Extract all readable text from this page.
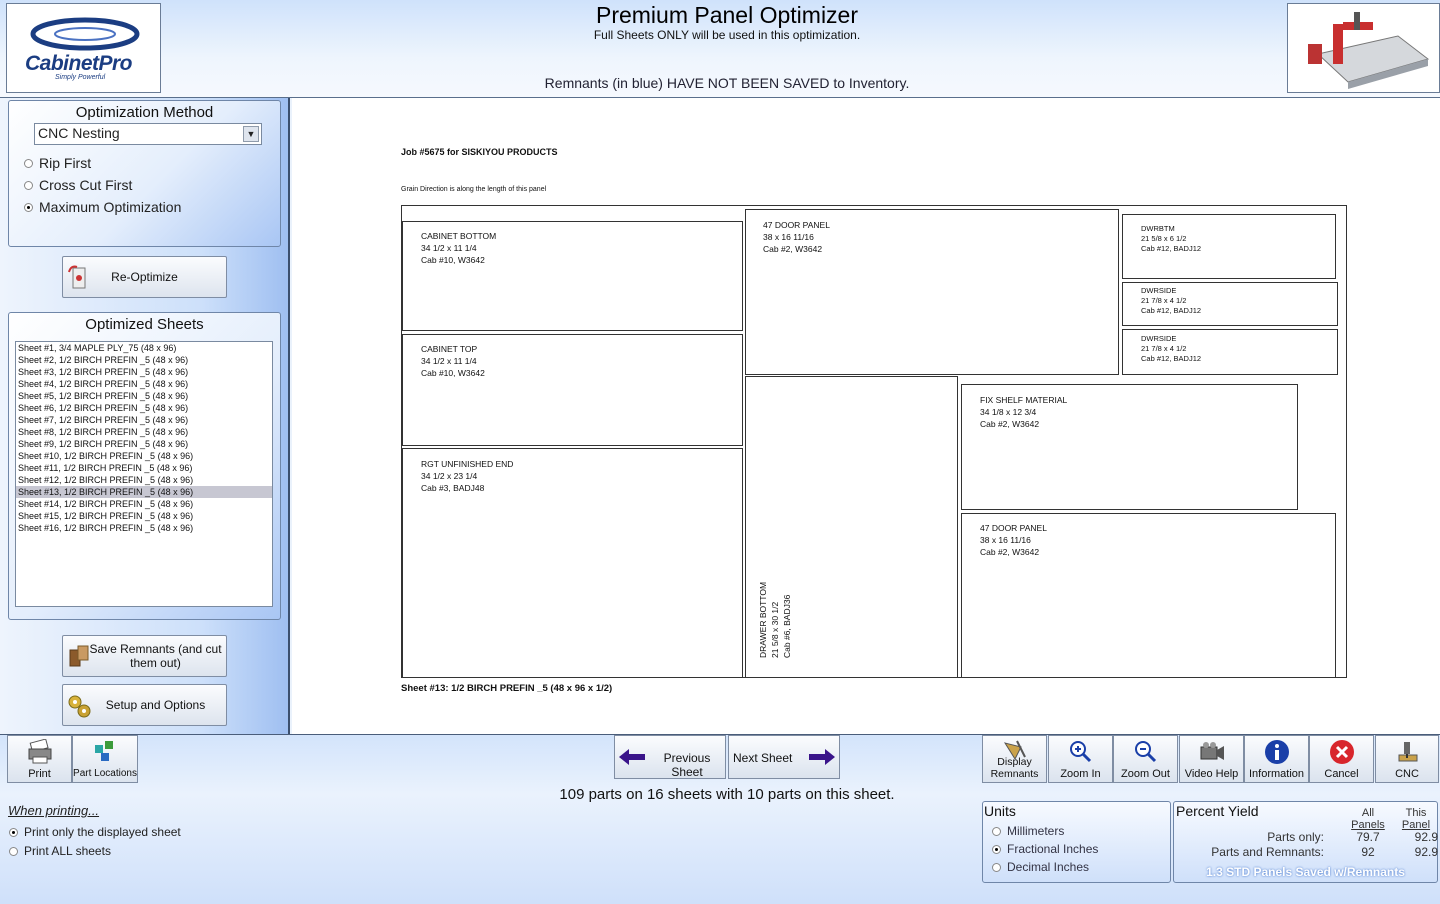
CabinetPro
Simply Powerful
Premium Panel Optimizer
Full Sheets ONLY will be used in this optimization.
Remnants (in blue) HAVE NOT BEEN SAVED to Inventory.
Optimization Method
CNC Nesting	▼
Rip First
Cross Cut First
Maximum Optimization
Re-Optimize
Optimized Sheets
Sheet #1, 3/4 MAPLE PLY_75 (48 x 96)
Sheet #2, 1/2 BIRCH PREFIN _5 (48 x 96)
Sheet #3, 1/2 BIRCH PREFIN _5 (48 x 96)
Sheet #4, 1/2 BIRCH PREFIN _5 (48 x 96)
Sheet #5, 1/2 BIRCH PREFIN _5 (48 x 96)
Sheet #6, 1/2 BIRCH PREFIN _5 (48 x 96)
Sheet #7, 1/2 BIRCH PREFIN _5 (48 x 96)
Sheet #8, 1/2 BIRCH PREFIN _5 (48 x 96)
Sheet #9, 1/2 BIRCH PREFIN _5 (48 x 96)
Sheet #10, 1/2 BIRCH PREFIN _5 (48 x 96)
Sheet #11, 1/2 BIRCH PREFIN _5 (48 x 96)
Sheet #12, 1/2 BIRCH PREFIN _5 (48 x 96)
Sheet #13, 1/2 BIRCH PREFIN _5 (48 x 96)
Sheet #14, 1/2 BIRCH PREFIN _5 (48 x 96)
Sheet #15, 1/2 BIRCH PREFIN _5 (48 x 96)
Sheet #16, 1/2 BIRCH PREFIN _5 (48 x 96)
Save Remnants (and cut them out)
Setup and Options
Job #5675 for SISKIYOU PRODUCTS
Grain Direction is along the length of this panel
CABINET BOTTOM
34 1/2 x 11 1/4
Cab #10, W3642
CABINET TOP
34 1/2 x 11 1/4
Cab #10, W3642
RGT UNFINISHED END
34 1/2 x 23 1/4
Cab #3, BADJ48
47 DOOR PANEL
38 x 16 11/16
Cab #2, W3642
DRAWER BOTTOM 21 5/8 x 30 1/2 Cab #6, BADJ36
DWRBTM
21 5/8 x 6 1/2
Cab #12, BADJ12
DWRSIDE
21 7/8 x 4 1/2
Cab #12, BADJ12
DWRSIDE
21 7/8 x 4 1/2
Cab #12, BADJ12
FIX SHELF MATERIAL
34 1/8 x 12 3/4
Cab #2, W3642
47 DOOR PANEL
38 x 16 11/16
Cab #2, W3642
Sheet #13: 1/2 BIRCH PREFIN _5 (48 x 96 x 1/2)
Print	Part Locations
Previous Sheet
Next Sheet	Display Remnants	Zoom In	Zoom Out	Video Help Information	Cancel	CNC
109 parts on 16 sheets with 10 parts on this sheet.
When printing...
Print only the displayed sheet
Print ALL sheets
Units
Millimeters
Fractional Inches
Decimal Inches
Percent Yield	All
Panels
This
Panel
Parts only:	79.7	92.9
Parts and Remnants:	92	92.9
1.3 STD Panels Saved w/Remnants
